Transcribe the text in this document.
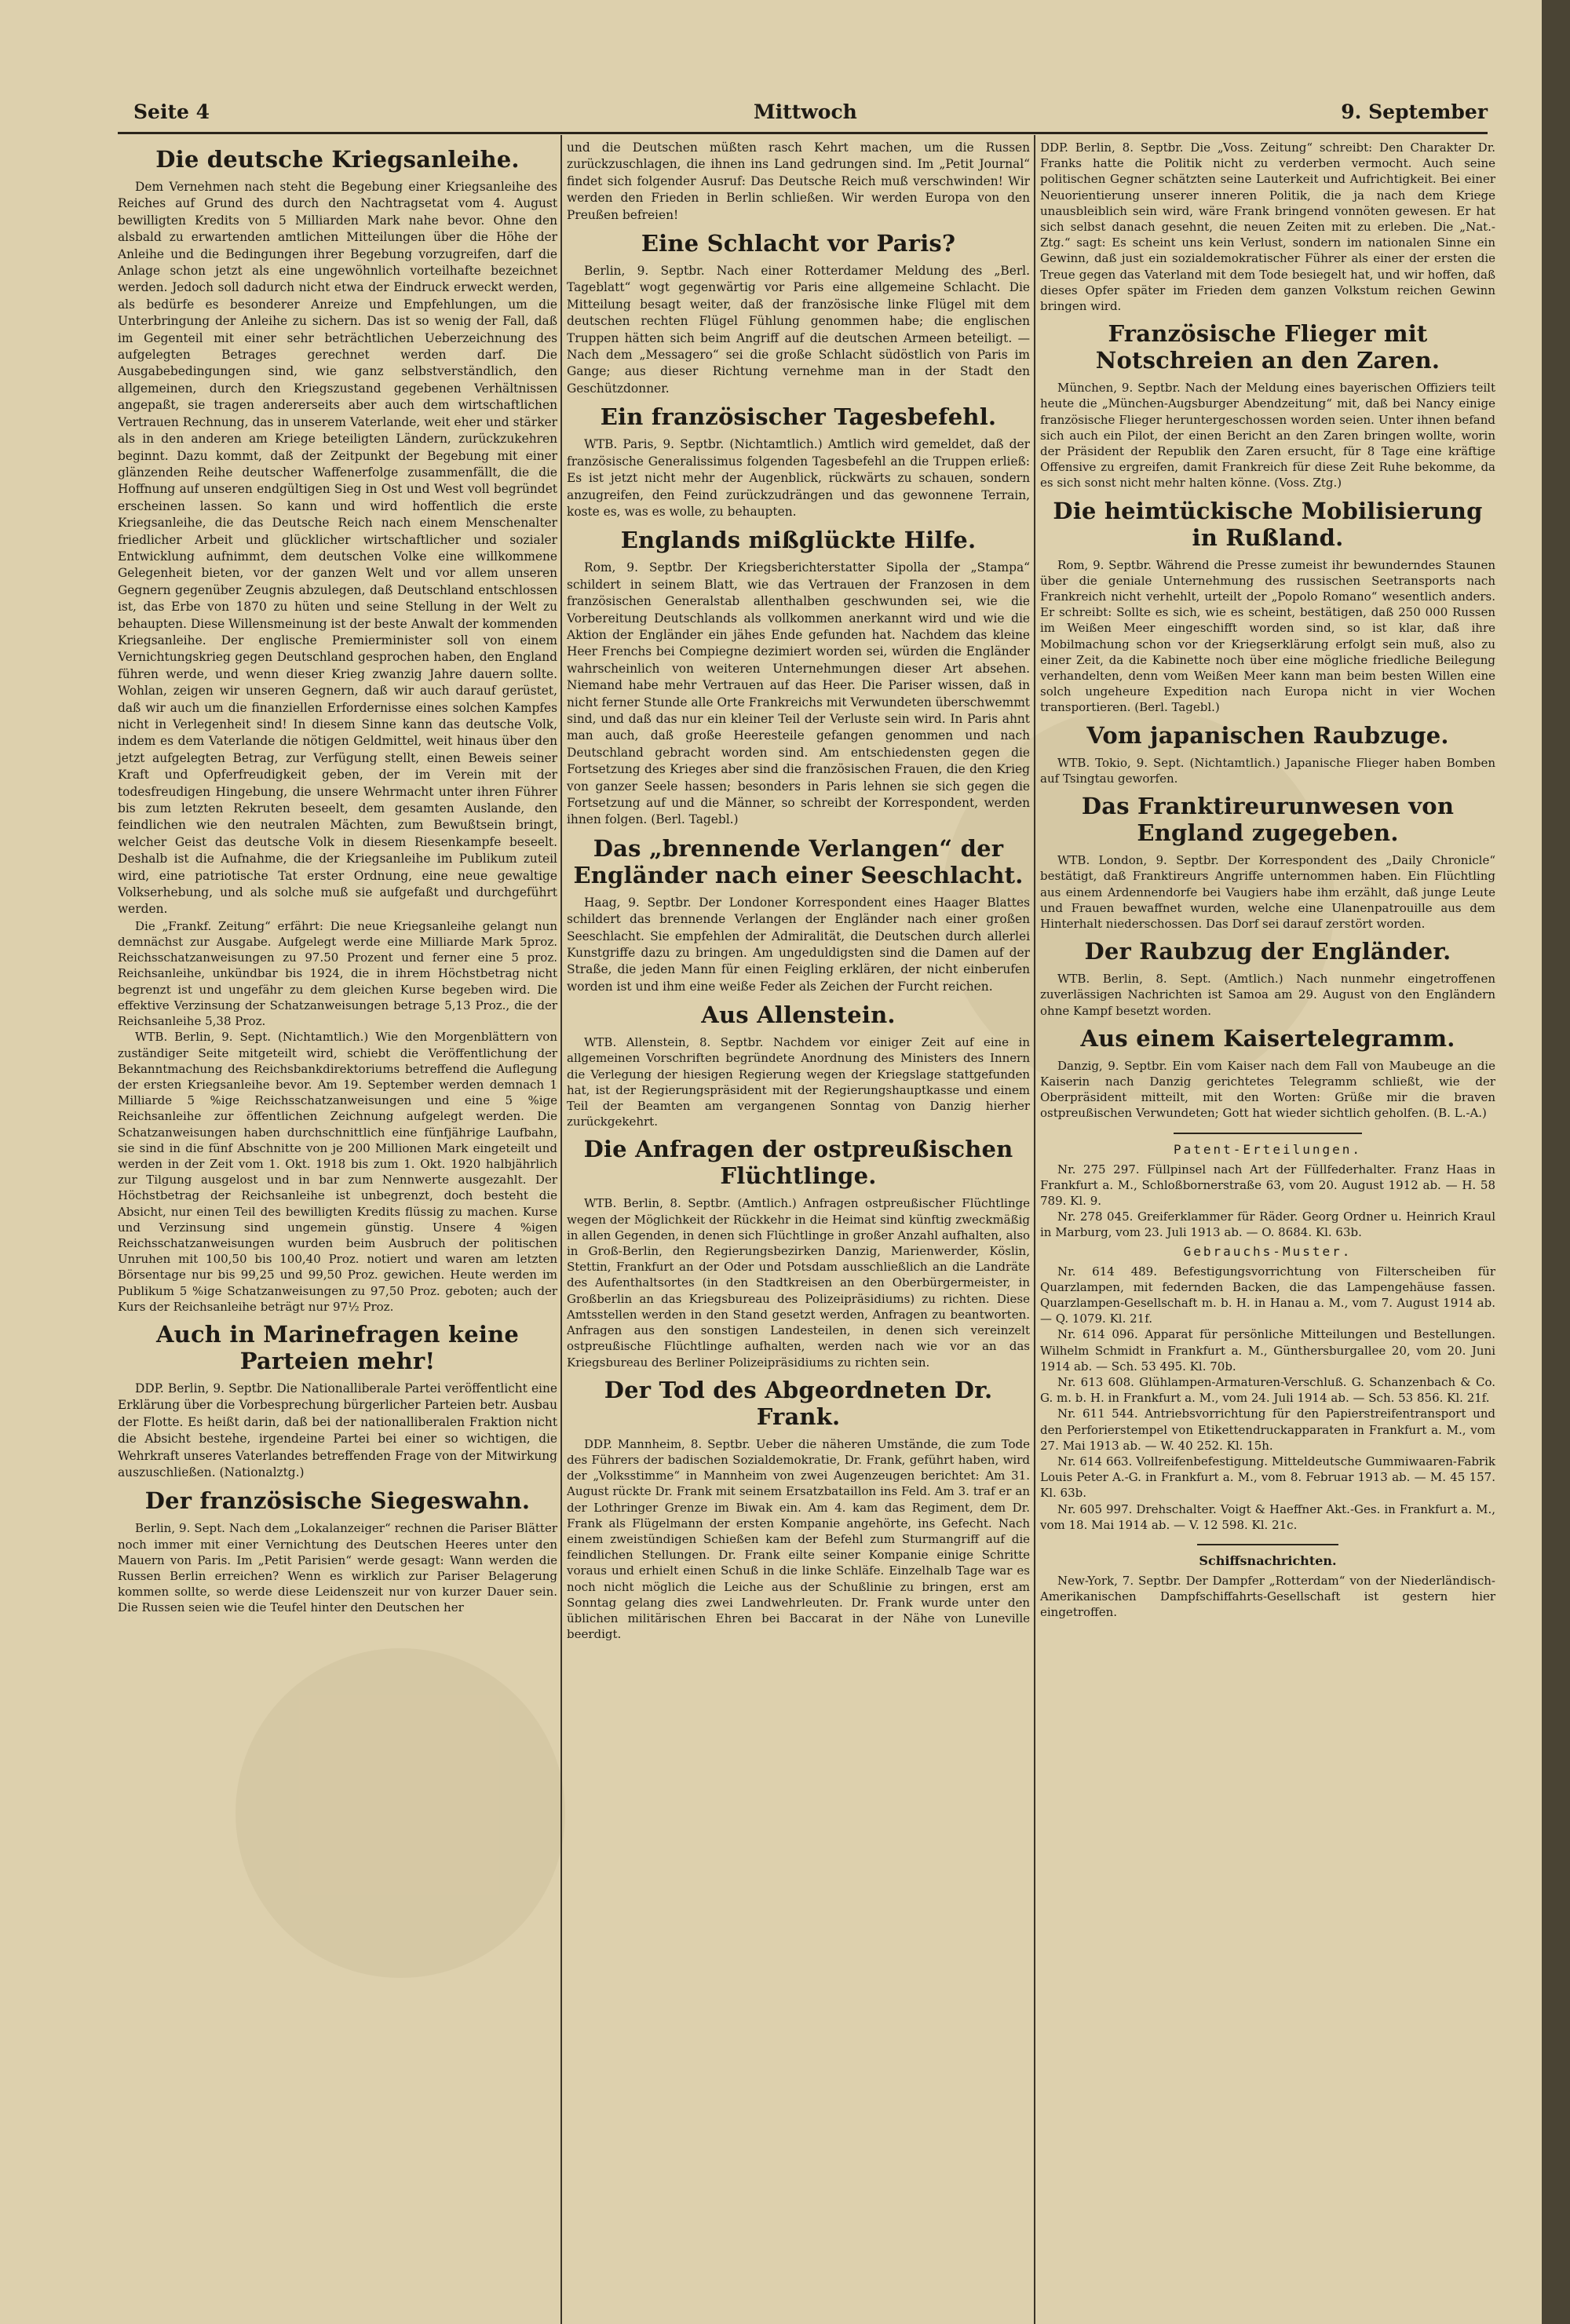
Seite 4	Mittwoch	9. September
Die deutsche Kriegsanleihe.

Dem Vernehmen nach steht die Begebung einer Kriegsanleihe des Reiches auf Grund des durch den Nachtragsetat vom 4. August bewilligten Kredits von 5 Milliarden Mark nahe bevor. Ohne den alsbald zu erwartenden amtlichen Mitteilungen über die Höhe der Anleihe und die Bedingungen ihrer Begebung vorzugreifen, darf die Anlage schon jetzt als eine ungewöhnlich vorteilhafte bezeichnet werden. Jedoch soll dadurch nicht etwa der Eindruck erweckt werden, als bedürfe es besonderer Anreize und Empfehlungen, um die Unterbringung der Anleihe zu sichern. Das ist so wenig der Fall, daß im Gegenteil mit einer sehr beträchtlichen Ueberzeichnung des aufgelegten Betrages gerechnet werden darf. Die Ausgabebedingungen sind, wie ganz selbstverständlich, den allgemeinen, durch den Kriegszustand gegebenen Verhältnissen angepaßt, sie tragen andererseits aber auch dem wirtschaftlichen Vertrauen Rechnung, das in unserem Vaterlande, weit eher und stärker als in den anderen am Kriege beteiligten Ländern, zurückzukehren beginnt. Dazu kommt, daß der Zeitpunkt der Begebung mit einer glänzenden Reihe deutscher Waffenerfolge zusammenfällt, die die Hoffnung auf unseren endgültigen Sieg in Ost und West voll begründet erscheinen lassen. So kann und wird hoffentlich die erste Kriegsanleihe, die das Deutsche Reich nach einem Menschenalter friedlicher Arbeit und glücklicher wirtschaftlicher und sozialer Entwicklung aufnimmt, dem deutschen Volke eine willkommene Gelegenheit bieten, vor der ganzen Welt und vor allem unseren Gegnern gegenüber Zeugnis abzulegen, daß Deutschland entschlossen ist, das Erbe von 1870 zu hüten und seine Stellung in der Welt zu behaupten. Diese Willensmeinung ist der beste Anwalt der kommenden Kriegsanleihe. Der englische Premierminister soll von einem Vernichtungskrieg gegen Deutschland gesprochen haben, den England führen werde, und wenn dieser Krieg zwanzig Jahre dauern sollte. Wohlan, zeigen wir unseren Gegnern, daß wir auch darauf gerüstet, daß wir auch um die finanziellen Erfordernisse eines solchen Kampfes nicht in Verlegenheit sind! In diesem Sinne kann das deutsche Volk, indem es dem Vaterlande die nötigen Geldmittel, weit hinaus über den jetzt aufgelegten Betrag, zur Verfügung stellt, einen Beweis seiner Kraft und Opferfreudigkeit geben, der im Verein mit der todesfreudigen Hingebung, die unsere Wehrmacht unter ihren Führer bis zum letzten Rekruten beseelt, dem gesamten Auslande, den feindlichen wie den neutralen Mächten, zum Bewußtsein bringt, welcher Geist das deutsche Volk in diesem Riesenkampfe beseelt. Deshalb ist die Aufnahme, die der Kriegsanleihe im Publikum zuteil wird, eine patriotische Tat erster Ordnung, eine neue gewaltige Volkserhebung, und als solche muß sie aufgefaßt und durchgeführt werden.

Die „Frankf. Zeitung“ erfährt: Die neue Kriegsanleihe gelangt nun demnächst zur Ausgabe. Aufgelegt werde eine Milliarde Mark 5proz. Reichsschatzanweisungen zu 97.50 Prozent und ferner eine 5 proz. Reichsanleihe, unkündbar bis 1924, die in ihrem Höchstbetrag nicht begrenzt ist und ungefähr zu dem gleichen Kurse begeben wird. Die effektive Verzinsung der Schatzanweisungen betrage 5,13 Proz., die der Reichsanleihe 5,38 Proz.

WTB. Berlin, 9. Sept. (Nichtamtlich.) Wie den Morgenblättern von zuständiger Seite mitgeteilt wird, schiebt die Veröffentlichung der Bekanntmachung des Reichsbankdirektoriums betreffend die Auflegung der ersten Kriegsanleihe bevor. Am 19. September werden demnach 1 Milliarde 5 %ige Reichsschatzanweisungen und eine 5 %ige Reichsanleihe zur öffentlichen Zeichnung aufgelegt werden. Die Schatzanweisungen haben durchschnittlich eine fünfjährige Laufbahn, sie sind in die fünf Abschnitte von je 200 Millionen Mark eingeteilt und werden in der Zeit vom 1. Okt. 1918 bis zum 1. Okt. 1920 halbjährlich zur Tilgung ausgelost und in bar zum Nennwerte ausgezahlt. Der Höchstbetrag der Reichsanleihe ist unbegrenzt, doch besteht die Absicht, nur einen Teil des bewilligten Kredits flüssig zu machen. Kurse und Verzinsung sind ungemein günstig. Unsere 4 %igen Reichsschatzanweisungen wurden beim Ausbruch der politischen Unruhen mit 100,50 bis 100,40 Proz. notiert und waren am letzten Börsentage nur bis 99,25 und 99,50 Proz. gewichen. Heute werden im Publikum 5 %ige Schatzanweisungen zu 97,50 Proz. geboten; auch der Kurs der Reichsanleihe beträgt nur 97½ Proz.

Auch in Marinefragen keine Parteien mehr!

DDP. Berlin, 9. Septbr. Die Nationalliberale Partei veröffentlicht eine Erklärung über die Vorbesprechung bürgerlicher Parteien betr. Ausbau der Flotte. Es heißt darin, daß bei der nationalliberalen Fraktion nicht die Absicht bestehe, irgendeine Partei bei einer so wichtigen, die Wehrkraft unseres Vaterlandes betreffenden Frage von der Mitwirkung auszuschließen. (Nationalztg.)

Der französische Siegeswahn.

Berlin, 9. Sept. Nach dem „Lokalanzeiger“ rechnen die Pariser Blätter noch immer mit einer Vernichtung des Deutschen Heeres unter den Mauern von Paris. Im „Petit Parisien“ werde gesagt: Wann werden die Russen Berlin erreichen? Wenn es wirklich zur Pariser Belagerung kommen sollte, so werde diese Leidenszeit nur von kurzer Dauer sein. Die Russen seien wie die Teufel hinter den Deutschen her

und die Deutschen müßten rasch Kehrt machen, um die Russen zurückzuschlagen, die ihnen ins Land gedrungen sind. Im „Petit Journal“ findet sich folgender Ausruf: Das Deutsche Reich muß verschwinden! Wir werden den Frieden in Berlin schließen. Wir werden Europa von den Preußen befreien!

Eine Schlacht vor Paris?

Berlin, 9. Septbr. Nach einer Rotterdamer Meldung des „Berl. Tageblatt“ wogt gegenwärtig vor Paris eine allgemeine Schlacht. Die Mitteilung besagt weiter, daß der französische linke Flügel mit dem deutschen rechten Flügel Fühlung genommen habe; die englischen Truppen hätten sich beim Angriff auf die deutschen Armeen beteiligt. — Nach dem „Messagero“ sei die große Schlacht südöstlich von Paris im Gange; aus dieser Richtung vernehme man in der Stadt den Geschützdonner.

Ein französischer Tagesbefehl.

WTB. Paris, 9. Septbr. (Nichtamtlich.) Amtlich wird gemeldet, daß der französische Generalissimus folgenden Tagesbefehl an die Truppen erließ: Es ist jetzt nicht mehr der Augenblick, rückwärts zu schauen, sondern anzugreifen, den Feind zurückzudrängen und das gewonnene Terrain, koste es, was es wolle, zu behaupten.

Englands mißglückte Hilfe.

Rom, 9. Septbr. Der Kriegsberichterstatter Sipolla der „Stampa“ schildert in seinem Blatt, wie das Vertrauen der Franzosen in dem französischen Generalstab allenthalben geschwunden sei, wie die Vorbereitung Deutschlands als vollkommen anerkannt wird und wie die Aktion der Engländer ein jähes Ende gefunden hat. Nachdem das kleine Heer Frenchs bei Compiegne dezimiert worden sei, würden die Engländer wahrscheinlich von weiteren Unternehmungen dieser Art absehen. Niemand habe mehr Vertrauen auf das Heer. Die Pariser wissen, daß in nicht ferner Stunde alle Orte Frankreichs mit Verwundeten überschwemmt sind, und daß das nur ein kleiner Teil der Verluste sein wird. In Paris ahnt man auch, daß große Heeresteile gefangen genommen und nach Deutschland gebracht worden sind. Am entschiedensten gegen die Fortsetzung des Krieges aber sind die französischen Frauen, die den Krieg von ganzer Seele hassen; besonders in Paris lehnen sie sich gegen die Fortsetzung auf und die Männer, so schreibt der Korrespondent, werden ihnen folgen. (Berl. Tagebl.)

Das „brennende Verlangen“ der Engländer nach einer Seeschlacht.

Haag, 9. Septbr. Der Londoner Korrespondent eines Haager Blattes schildert das brennende Verlangen der Engländer nach einer großen Seeschlacht. Sie empfehlen der Admiralität, die Deutschen durch allerlei Kunstgriffe dazu zu bringen. Am ungeduldigsten sind die Damen auf der Straße, die jeden Mann für einen Feigling erklären, der nicht einberufen worden ist und ihm eine weiße Feder als Zeichen der Furcht reichen.

Aus Allenstein.

WTB. Allenstein, 8. Septbr. Nachdem vor einiger Zeit auf eine in allgemeinen Vorschriften begründete Anordnung des Ministers des Innern die Verlegung der hiesigen Regierung wegen der Kriegslage stattgefunden hat, ist der Regierungspräsident mit der Regierungshauptkasse und einem Teil der Beamten am vergangenen Sonntag von Danzig hierher zurückgekehrt.

Die Anfragen der ostpreußischen Flüchtlinge.

WTB. Berlin, 8. Septbr. (Amtlich.) Anfragen ostpreußischer Flüchtlinge wegen der Möglichkeit der Rückkehr in die Heimat sind künftig zweckmäßig in allen Gegenden, in denen sich Flüchtlinge in großer Anzahl aufhalten, also in Groß-Berlin, den Regierungsbezirken Danzig, Marienwerder, Köslin, Stettin, Frankfurt an der Oder und Potsdam ausschließlich an die Landräte des Aufenthaltsortes (in den Stadtkreisen an den Oberbürgermeister, in Großberlin an das Kriegsbureau des Polizeipräsidiums) zu richten. Diese Amtsstellen werden in den Stand gesetzt werden, Anfragen zu beantworten. Anfragen aus den sonstigen Landesteilen, in denen sich vereinzelt ostpreußische Flüchtlinge aufhalten, werden nach wie vor an das Kriegsbureau des Berliner Polizeipräsidiums zu richten sein.

Der Tod des Abgeordneten Dr. Frank.

DDP. Mannheim, 8. Septbr. Ueber die näheren Umstände, die zum Tode des Führers der badischen Sozialdemokratie, Dr. Frank, geführt haben, wird der „Volksstimme“ in Mannheim von zwei Augenzeugen berichtet: Am 31. August rückte Dr. Frank mit seinem Ersatzbataillon ins Feld. Am 3. traf er an der Lothringer Grenze im Biwak ein. Am 4. kam das Regiment, dem Dr. Frank als Flügelmann der ersten Kompanie angehörte, ins Gefecht. Nach einem zweistündigen Schießen kam der Befehl zum Sturmangriff auf die feindlichen Stellungen. Dr. Frank eilte seiner Kompanie einige Schritte voraus und erhielt einen Schuß in die linke Schläfe. Einzelhalb Tage war es noch nicht möglich die Leiche aus der Schußlinie zu bringen, erst am Sonntag gelang dies zwei Landwehrleuten. Dr. Frank wurde unter den üblichen militärischen Ehren bei Baccarat in der Nähe von Luneville beerdigt.

DDP. Berlin, 8. Septbr. Die „Voss. Zeitung“ schreibt: Den Charakter Dr. Franks hatte die Politik nicht zu verderben vermocht. Auch seine politischen Gegner schätzten seine Lauterkeit und Aufrichtigkeit. Bei einer Neuorientierung unserer inneren Politik, die ja nach dem Kriege unausbleiblich sein wird, wäre Frank bringend vonnöten gewesen. Er hat sich selbst danach gesehnt, die neuen Zeiten mit zu erleben. Die „Nat.-Ztg.“ sagt: Es scheint uns kein Verlust, sondern im nationalen Sinne ein Gewinn, daß just ein sozialdemokratischer Führer als einer der ersten die Treue gegen das Vaterland mit dem Tode besiegelt hat, und wir hoffen, daß dieses Opfer später im Frieden dem ganzen Volkstum reichen Gewinn bringen wird.

Französische Flieger mit Notschreien an den Zaren.

München, 9. Septbr. Nach der Meldung eines bayerischen Offiziers teilt heute die „München-Augsburger Abendzeitung“ mit, daß bei Nancy einige französische Flieger heruntergeschossen worden seien. Unter ihnen befand sich auch ein Pilot, der einen Bericht an den Zaren bringen wollte, worin der Präsident der Republik den Zaren ersucht, für 8 Tage eine kräftige Offensive zu ergreifen, damit Frankreich für diese Zeit Ruhe bekomme, da es sich sonst nicht mehr halten könne. (Voss. Ztg.)

Die heimtückische Mobilisierung in Rußland.

Rom, 9. Septbr. Während die Presse zumeist ihr bewunderndes Staunen über die geniale Unternehmung des russischen Seetransports nach Frankreich nicht verhehlt, urteilt der „Popolo Romano“ wesentlich anders. Er schreibt: Sollte es sich, wie es scheint, bestätigen, daß 250 000 Russen im Weißen Meer eingeschifft worden sind, so ist klar, daß ihre Mobilmachung schon vor der Kriegserklärung erfolgt sein muß, also zu einer Zeit, da die Kabinette noch über eine mögliche friedliche Beilegung verhandelten, denn vom Weißen Meer kann man beim besten Willen eine solch ungeheure Expedition nach Europa nicht in vier Wochen transportieren. (Berl. Tagebl.)

Vom japanischen Raubzuge.

WTB. Tokio, 9. Sept. (Nichtamtlich.) Japanische Flieger haben Bomben auf Tsingtau geworfen.

Das Franktireurunwesen von England zugegeben.

WTB. London, 9. Septbr. Der Korrespondent des „Daily Chronicle“ bestätigt, daß Franktireurs Angriffe unternommen haben. Ein Flüchtling aus einem Ardennendorfe bei Vaugiers habe ihm erzählt, daß junge Leute und Frauen bewaffnet wurden, welche eine Ulanenpatrouille aus dem Hinterhalt niederschossen. Das Dorf sei darauf zerstört worden.

Der Raubzug der Engländer.

WTB. Berlin, 8. Sept. (Amtlich.) Nach nunmehr eingetroffenen zuverlässigen Nachrichten ist Samoa am 29. August von den Engländern ohne Kampf besetzt worden.

Aus einem Kaisertelegramm.

Danzig, 9. Septbr. Ein vom Kaiser nach dem Fall von Maubeuge an die Kaiserin nach Danzig gerichtetes Telegramm schließt, wie der Oberpräsident mitteilt, mit den Worten: Grüße mir die braven ostpreußischen Verwundeten; Gott hat wieder sichtlich geholfen. (B. L.-A.)

Patent-Erteilungen.

Nr. 275 297. Füllpinsel nach Art der Füllfederhalter. Franz Haas in Frankfurt a. M., Schloßbornerstraße 63, vom 20. August 1912 ab. — H. 58 789. Kl. 9.

Nr. 278 045. Greiferklammer für Räder. Georg Ordner u. Heinrich Kraul in Marburg, vom 23. Juli 1913 ab. — O. 8684. Kl. 63b.

Gebrauchs-Muster.

Nr. 614 489. Befestigungsvorrichtung von Filterscheiben für Quarzlampen, mit federnden Backen, die das Lampengehäuse fassen. Quarzlampen-Gesellschaft m. b. H. in Hanau a. M., vom 7. August 1914 ab. — Q. 1079. Kl. 21f.

Nr. 614 096. Apparat für persönliche Mitteilungen und Bestellungen. Wilhelm Schmidt in Frankfurt a. M., Günthersburgallee 20, vom 20. Juni 1914 ab. — Sch. 53 495. Kl. 70b.

Nr. 613 608. Glühlampen-Armaturen-Verschluß. G. Schanzenbach & Co. G. m. b. H. in Frankfurt a. M., vom 24. Juli 1914 ab. — Sch. 53 856. Kl. 21f.

Nr. 611 544. Antriebsvorrichtung für den Papierstreifentransport und den Perforierstempel von Etikettendruckapparaten in Frankfurt a. M., vom 27. Mai 1913 ab. — W. 40 252. Kl. 15h.

Nr. 614 663. Vollreifenbefestigung. Mitteldeutsche Gummiwaaren-Fabrik Louis Peter A.-G. in Frankfurt a. M., vom 8. Februar 1913 ab. — M. 45 157. Kl. 63b.

Nr. 605 997. Drehschalter. Voigt & Haeffner Akt.-Ges. in Frankfurt a. M., vom 18. Mai 1914 ab. — V. 12 598. Kl. 21c.

Schiffsnachrichten.

New-York, 7. Septbr. Der Dampfer „Rotterdam“ von der Niederländisch-Amerikanischen Dampfschiffahrts-Gesellschaft ist gestern hier eingetroffen.
